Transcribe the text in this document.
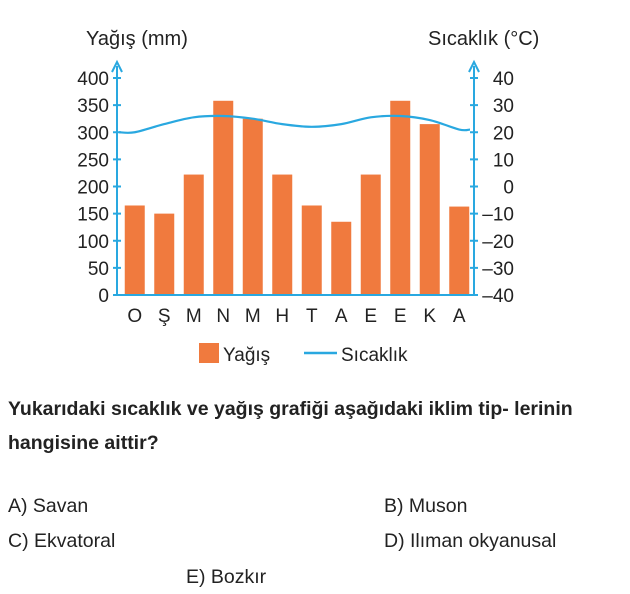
Yağış (mm)	Sıcaklık (°C)
O Ş M N M H T A E E K A
0
50
100
150
200
250
300
350
400	40
30
20
10
0
–10
–20
–30
–40
Yağış	Sıcaklık

Yukarıdaki sıcaklık ve yağış grafiği aşağıdaki iklim tip- lerinin hangisine aittir?

A) Savan	B) Muson
C) Ekvatoral	D) Ilıman okyanusal
E) Bozkır
